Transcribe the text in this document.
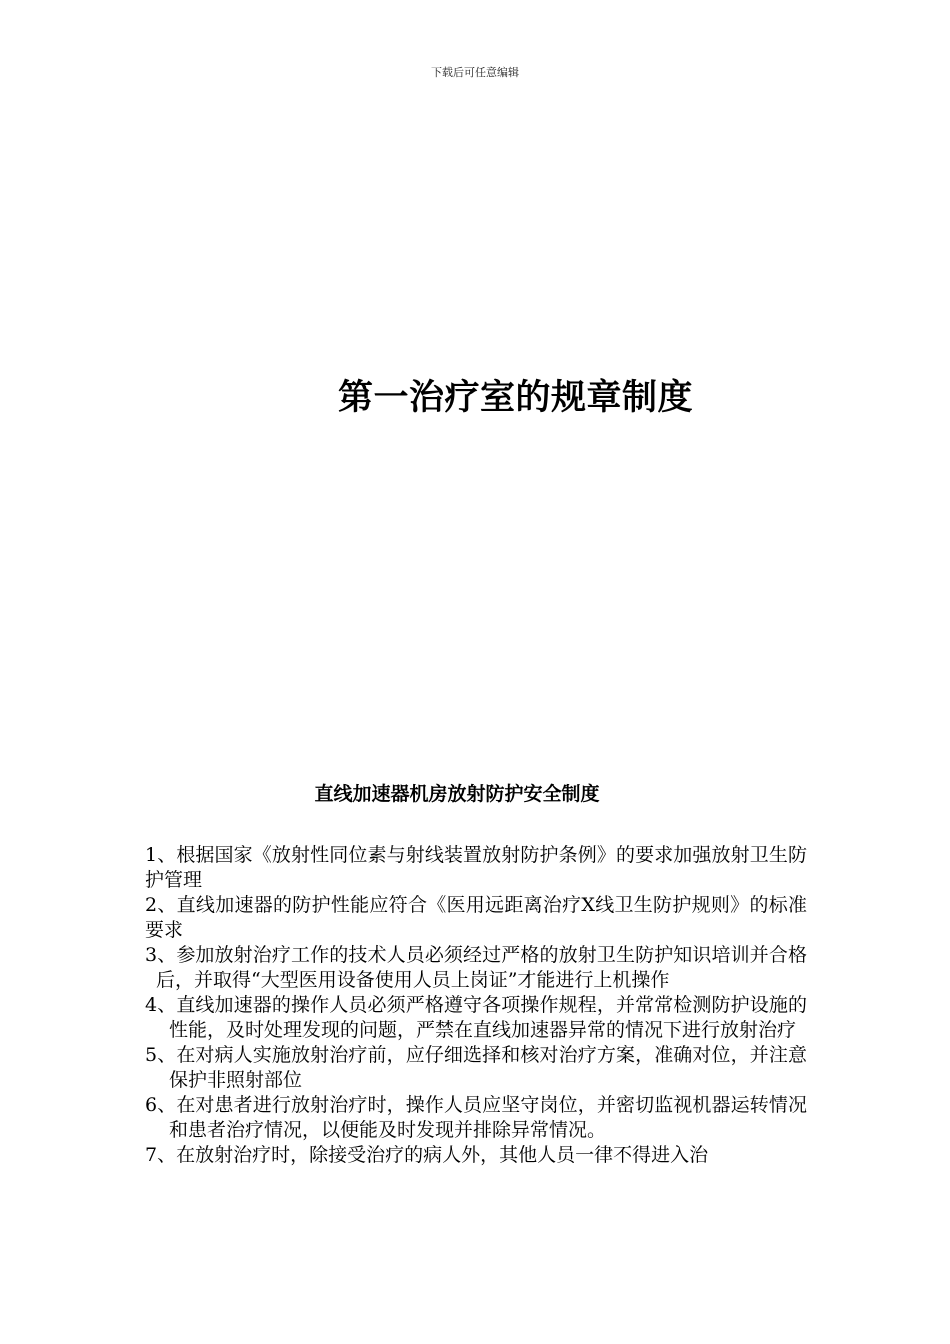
下载后可任意编辑
第一治疗室的规章制度
直线加速器机房放射防护安全制度
1、根据国家《放射性同位素与射线装置放射防护条例》的要求加强放射卫生防护管理
2、直线加速器的防护性能应符合《医用远距离治疗X线卫生防护规则》的标准要求
3、参加放射治疗工作的技术人员必须经过严格的放射卫生防护知识培训并合格后，并取得“大型医用设备使用人员上岗证”才能进行上机操作
4、直线加速器的操作人员必须严格遵守各项操作规程，并常常检测防护设施的性能，及时处理发现的问题，严禁在直线加速器异常的情况下进行放射治疗
5、在对病人实施放射治疗前，应仔细选择和核对治疗方案，准确对位，并注意保护非照射部位
6、在对患者进行放射治疗时，操作人员应坚守岗位，并密切监视机器运转情况和患者治疗情况，以便能及时发现并排除异常情况。
7、在放射治疗时，除接受治疗的病人外，其他人员一律不得进入治
